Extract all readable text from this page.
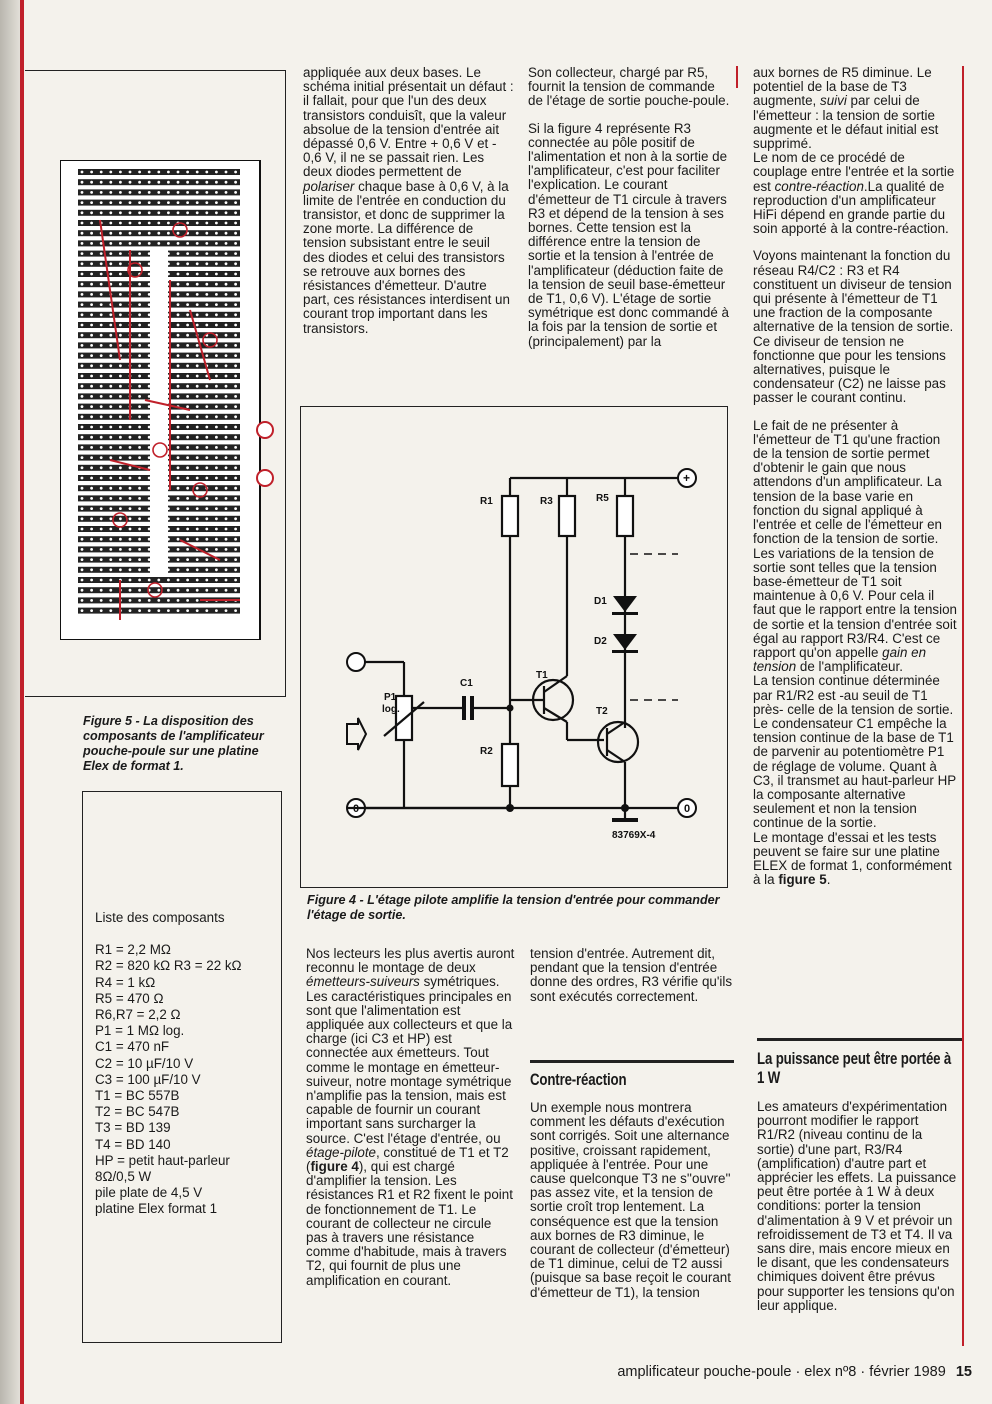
Figure 5 - La disposition des composants de l'amplificateur pouche-poule sur une platine Elex de format 1.
Liste des composants
R1 = 2,2 MΩ
R2 = 820 kΩ R3 = 22 kΩ
R4 = 1 kΩ
R5 = 470 Ω
R6,R7 = 2,2 Ω
P1 = 1 MΩ log.
C1 = 470 nF
C2 = 10 µF/10 V
C3 = 100 µF/10 V
T1 = BC 557B
T2 = BC 547B
T3 = BD 139
T4 = BD 140
HP = petit haut-parleur
8Ω/0,5 W
pile plate de 4,5 V
platine Elex format 1

appliquée aux deux bases. Le schéma initial présentait un défaut : il fallait, pour que l'un des deux transistors conduisît, que la valeur absolue de la tension d'entrée ait dépassé 0,6 V. Entre + 0,6 V et - 0,6 V, il ne se passait rien. Les deux diodes permettent de polariser chaque base à 0,6 V, à la limite de l'entrée en conduction du transistor, et donc de supprimer la zone morte. La différence de tension subsistant entre le seuil des diodes et celui des transistors se retrouve aux bornes des résistances d'émetteur. D'autre part, ces résistances interdisent un courant trop important dans les transistors.

Son collecteur, chargé par R5, fournit la tension de commande de l'étage de sortie pouche-poule.

Si la figure 4 représente R3 connectée au pôle positif de l'alimentation et non à la sortie de l'amplificateur, c'est pour faciliter l'explication. Le courant d'émetteur de T1 circule à travers R3 et dépend de la tension à ses bornes. Cette tension est la différence entre la tension de sortie et la tension à l'entrée de l'amplificateur (déduction faite de la tension de seuil base-émetteur de T1, 0,6 V). L'étage de sortie symétrique est donc commandé à la fois par la tension de sortie et (principalement) par la

aux bornes de R5 diminue. Le potentiel de la base de T3 augmente, suivi par celui de l'émetteur : la tension de sortie augmente et le défaut initial est supprimé.
Le nom de ce procédé de couplage entre l'entrée et la sortie est contre-réaction.La qualité de reproduction d'un amplificateur HiFi dépend en grande partie du soin apporté à la contre-réaction.

Voyons maintenant la fonction du réseau R4/C2 : R3 et R4 constituent un diviseur de tension qui présente à l'émetteur de T1 une fraction de la composante alternative de la tension de sortie. Ce diviseur de tension ne fonctionne que pour les tensions alternatives, puisque le condensateur (C2) ne laisse pas passer le courant continu.

Le fait de ne présenter à l'émetteur de T1 qu'une fraction de la tension de sortie permet d'obtenir le gain que nous attendons d'un amplificateur. La tension de la base varie en fonction du signal appliqué à l'entrée et celle de l'émetteur en fonction de la tension de sortie. Les variations de la tension de sortie sont telles que la tension base-émetteur de T1 soit maintenue à 0,6 V. Pour cela il faut que le rapport entre la tension de sortie et la tension d'entrée soit égal au rapport R3/R4. C'est ce rapport qu'on appelle gain en tension de l'amplificateur.

La tension continue déterminée par R1/R2 est -au seuil de T1 près- celle de la tension de sortie.

Le condensateur C1 empêche la tension continue de la base de T1 de parvenir au potentiomètre P1 de réglage de volume. Quant à C3, il transmet au haut-parleur HP la composante alternative seulement et non la tension continue de la sortie.

Le montage d'essai et les tests peuvent se faire sur une platine ELEX de format 1, conformément à la figure 5.

La puissance peut être portée à 1 W

Les amateurs d'expérimentation pourront modifier le rapport R1/R2 (niveau continu de la sortie) d'une part, R3/R4 (amplification) d'autre part et apprécier les effets. La puissance peut être portée à 1 W à deux conditions: porter la tension d'alimentation à 9 V et prévoir un refroidissement de T3 et T4. Il va sans dire, mais encore mieux en le disant, que les condensateurs chimiques doivent être prévus pour supporter les tensions qu'on leur applique.

R1	R3	R5
R2
D1
D2
T1
T2
C1
P1
log.
83769X-4
+
0
0
Figure 4 - L'étage pilote amplifie la tension d'entrée pour commander l'étage de sortie.

Nos lecteurs les plus avertis auront reconnu le montage de deux émetteurs-suiveurs symétriques. Les caractéristiques principales en sont que l'alimentation est appliquée aux collecteurs et que la charge (ici C3 et HP) est connectée aux émetteurs. Tout comme le montage en émetteur-suiveur, notre montage symétrique n'amplifie pas la tension, mais est capable de fournir un courant important sans surcharger la source. C'est l'étage d'entrée, ou étage-pilote, constitué de T1 et T2 (figure 4), qui est chargé d'amplifier la tension. Les résistances R1 et R2 fixent le point de fonctionnement de T1. Le courant de collecteur ne circule pas à travers une résistance comme d'habitude, mais à travers T2, qui fournit de plus une amplification en courant.

tension d'entrée. Autrement dit, pendant que la tension d'entrée donne des ordres, R3 vérifie qu'ils sont exécutés correctement.

Contre-réaction

Un exemple nous montrera comment les défauts d'exécution sont corrigés. Soit une alternance positive, croissant rapidement, appliquée à l'entrée. Pour une cause quelconque T3 ne s''ouvre'' pas assez vite, et la tension de sortie croît trop lentement. La conséquence est que la tension aux bornes de R3 diminue, le courant de collecteur (d'émetteur) de T1 diminue, celui de T2 aussi (puisque sa base reçoit le courant d'émetteur de T1), la tension

amplificateur pouche-poule · elex nº8 · février 1989 15
